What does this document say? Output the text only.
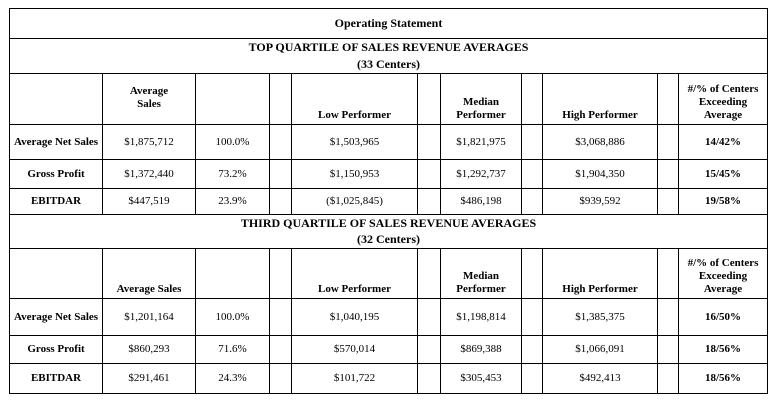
Operating Statement										
TOP QUARTILE OF SALES REVENUE AVERAGES										
(33 Centers)										
	Average Sales			Low Performer		Median Performer		High Performer		#/% of Centers Exceeding Average
Average Net Sales	$1,875,712	100.0%		$1,503,965		$1,821,975		$3,068,886		14/42%
Gross Profit	$1,372,440	73.2%		$1,150,953		$1,292,737		$1,904,350		15/45%
EBITDAR	$447,519	23.9%		($1,025,845)		$486,198		$939,592		19/58%
THIRD QUARTILE OF SALES REVENUE AVERAGES										
(32 Centers)										
	Average Sales			Low Performer		Median Performer		High Performer		#/% of Centers Exceeding Average
Average Net Sales	$1,201,164	100.0%		$1,040,195		$1,198,814		$1,385,375		16/50%
Gross Profit	$860,293	71.6%		$570,014		$869,388		$1,066,091		18/56%
EBITDAR	$291,461	24.3%		$101,722		$305,453		$492,413		18/56%
